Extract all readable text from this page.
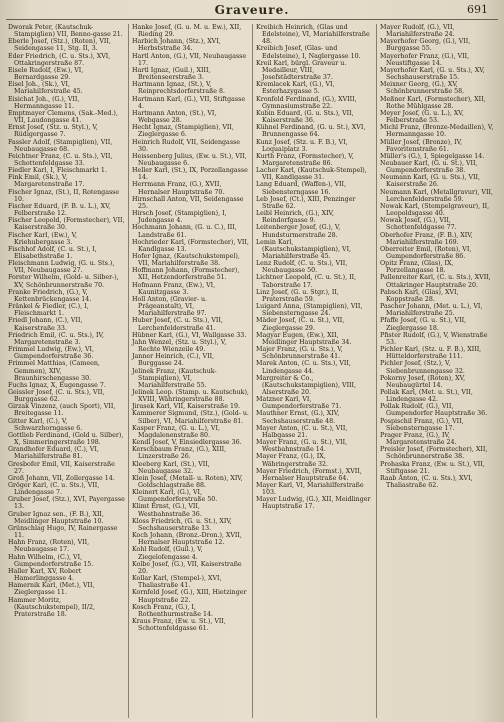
Graveure.	691

Dworak Peter, (Kautschuk-Stampiglien) VII, Benno-gasse 21.

Eberle Josef, (Stz.), (Roten), VII, Seidengasse 11, Stg. II, 3.

Eder Friedrich, (C. u. Sts.), XVI, Ottakringerstraße 87.

Eisele Rudolf, (Ew.), VI, Bernardgasse 29.

Eisel Joh., (Sk.), VI, Mariahilferstraße 45.

Eisichat Joh., (G.), VII, Hermanngasse 11.

Emptmayer Clemens, (Sak.-Med.), VII, Laudongasse 41.

Ernst Josef, (Stz. u. Styl.), V, Rüdigergasse 7.

Fassler Adolf, (Stampiglien), VII, Neubaugasse 68.

Feichtner Franz, (C. u. Sts.), VII, Schottenfeldgasse 33.

Fiedler Karl, I, Fleischmarkt 1.

Fink Emil, (Sk.), V, Margaretenstraße 17.

Fischer Ignaz, (St.), II, Rotengasse 10.

Fischer Eduard, (F. B. u. L.), XV, Felberstraße 12.

Fischer Leopold, (Formstecher), VII, Kaiserstraße 30.

Fischer Karl, (Ew.), V, Kriehubergasse 3.

Fischhof Adolf, (C. u. St.), I, Elisabethstraße 1.

Fleischmann Ludwig, (G. u. Sts.), VII, Neubaugasse 27.

Forster Wilhelm, (Gold- u. Silber-), XV, Schönbrunnerstraße 70.

Franke Friedrich, (G.), V, Kettenbrückengasse 14.

Fränkel & Fiedler, (C.), I, Fleischmarkt 1.

Friedl Johann, (C.), VII, Kaiserstraße 33.

Friedrich Emil, (C. u. Sts.), IV, Margaretenstraße 3.

Frimmel Ludwig, (Ew.), VI, Gumpendorferstraße 36.

Frimmel Matthias, (Cameen, Gemmen), XIV, Braunhirschengasse 30.

Fuchs Ignaz, X, Eugengasse 7.

Geissler Josef, (C. u. Sts.), VII, Burggasse 62.

Girzak Vinzenz, (auch Sport), VII, Breitegasse 11.

Gitter Karl, (C.), V, Schwarzhorngasse 6.

Gottlieb Ferdinand, (Gold u. Silber), X, Simmeringerstraße 198.

Grandhofer Eduard, (C.), VI, Mariahilferstraße 81.

Gresbofer Emil, VII, Kaiserstraße 27.

Groß Johann, VII, Zollergasse 14.

Gröger Karl, (C. u. Sts.), VII, Lindengasse 7.

Gruber Josef, (Stz.), XVI, Payergasse 13.

Gruber Ignaz sen., (F. B.), XII, Meidlinger Hauptstraße 10.

Grünschlag Hugo, IV, Rainergasse 11.

Hahn Franz, (Roten), VII, Neubaugasse 17.

Hahn Wilhelm, (C.), VI, Gumpendorferstraße 15.

Haller Karl, XV, Robert Hamerlinggasse 4.

Hamernik Karl, (Met.), VII, Zieglergasse 11.

Hammer Moritz, (Kautschukstempel), II/2, Praterstraße 18.

Hanke Josef, (G. u. M. u. Ew.), XII, Rieding 29.

Harbich Johann, (Stz.), XVI, Herbststraße 34.

Hartl Anton, (G.), VII, Neubaugasse 17.

Hartl Ignaz, (Guil.), XIII, Breitenseerstraße 3.

Hartmann Ignaz, (St.), V, Reinprechtsdorferstraße 8.

Hartmann Karl, (G.), VII, Stiftgasse 4.

Hartmann Anton, (St.), VI, Webgasse 28.

Hecht Ignaz, (Stampiglien), VII, Zieglergasse 6.

Heinrich Rudolf, VII, Seidengasse 30.

Heissenberg Julius, (Ew. u. St.), VII, Neubaugasse 6.

Heller Karl, (St.), IX, Porzellangasse 14.

Herrmann Franz, (G.), XVII, Hernalser Hauptstraße 70.

Hirnschall Anton, VII, Seidengasse 25.

Hirsch Josef, (Stampiglien), I, Judengasse 4.

Hochmann Johann, (G. u. C.), III, Landstraße 61.

Hochrieder Karl, (Formstecher), VII, Kandlgasse 13.

Hofer Ignaz, (Kautschukstempel), VII, Mariahilferstraße 38.

Hoffmann Johann, (Formstecher), XII, Hetzendorferstraße 51.

Hofmann Franz, (Ew.), VI, Kaunitzgasse 3.

Holl Anton, (Gravier- u. Prägeanstalt), VI, Mariahilferstraße 97.

Huber Josef, (C. u. Sts.), VII, Lerchenfelderstraße 41.

Hübner Karl, (G.), VI, Wallgasse 33.

Jahn Wenzel, (Stz. u. Styl.), V, Rechte Wienzeile 49.

Janner Heinrich, (C.), VII, Burggasse 24.

Jelinek Franz, (Kautschuk-Stampiglien), VI, Mariahilferstraße 55.

Jelinek Leop. (Stamp. u. Kautschuk), XVIII, Währingerstraße 88.

Jirasek Karl, VII, Kaiserstraße 19.

Kammerer Sigmund, (Stz.), (Gold- u. Silber), VI, Mariahilferstraße 81.

Kasper Franz, (G. u. L.), VI, Magdalenenstraße 80.

Kendl Josef, V, Einsiedlergasse 36.

Kerschbaum Franz, (G.), XIII, Linzerstraße 26.

Kleeberg Karl, (St.), VII, Neubaugasse 32.

Klein Josef, (Metall- u. Roten), XIV, Goldschlagstraße 88.

Kleinert Karl, (G.), VI, Gumpendorferstraße 50.

Klimt Ernst, (G.), VII, Westbahnstraße 36.

Kloss Friedrich, (G. u. St.), XIV, Sechshauserstraße 13.

Koch Johann, (Bronz.-Dron.), XVII, Hernalser Hauptstraße 12.

Kohl Rudolf, (Guil.), V, Ziegelofengasse 4.

Kolbe Josef, (G.), VII, Kaiserstraße 20.

Kollar Karl, (Stempel-), XVI, Thaliastraße 41.

Kornfeld Josef, (G.), XIII, Hietzinger Hauptstraße 22.

Kosch Franz, (G.), I, Rothenthurmstraße 14.

Kraus Franz, (Ew. u. St.), VII, Schottenfeldgasse 61.

Kreibich Heinrich, (Glas und Edelsteine), VI, Mariahilferstraße 48.

Kreibich Josef, (Glas- und Edelsteine), I, Naglergasse 10.

Kreil Karl, bürgl. Graveur u. Medailleur, VIII, Josefstädterstraße 37.

Kremlacek Karl, (G.), VI, Esterhazygasse 5.

Kronfeld Ferdinand, (G.), XVIII, Gymnasiumstraße 22.

Kubin Eduard, (G. u. Sts.), VII, Kaiserstraße 36.

Kühnel Ferdinand, (G. u. St.), XVI, Brunnengasse 64.

Kunz Josef, (Stz. u. F. B.), VI, Loquaiplatz 3.

Kurth Franz, (Formstecher), V, Margaretenstraße 86.

Lacher Karl, (Kautschuk-Stempel), VII, Kandlgasse 31.

Lang Eduard, (Waffen-), VII, Siebensterngasse 16.

Leb Josef, (Ct.), XIII, Penzinger Straße 62.

Leibl Heinrich, (G.), XIV, Reindorfgasse 9.

Leitenberger Josef, (G.), V, Hundsturmerstraße 28.

Lemin Karl, (Kautschukstampiglien), VI, Mariahilferstraße 45.

Lenz Rudolf, (C. u. Sts.), VII, Neubaugasse 50.

Lichtner Leopold, (C. u. St.), II, Taborstraße 17.

Linz Josef, (G. u. Stgr.), II, Praterstraße 59.

Luigard Anna, (Stampiglien), VII, Siebensterngasse 24.

Mäder Josef, (C. u. St.), VII, Zieglergasse 29.

Magyar Eugen, (Ew.), XII, Meidlinger Hauptstraße 34.

Majer Franz, (G. u. Sts.), V, Schönbrunnerstraße 41.

Marek Anton, (C. u. Sts.), VII, Lindengasse 44.

Margreiter & Co., (Kautschukstampiglien), VIII, Alserstraße 20.

Matzner Karl, VI, Gumpendorferstraße 71.

Mauthner Ernst, (G.), XIV, Sechshauserstraße 48.

Mayer Anton, (C. u. St.), VII, Halbgasse 21.

Mayer Franz, (G. u. St.), VII, Westbahnstraße 14.

Mayer Franz, (G.), IX, Währingerstraße 32.

Mayer Friedrich, (Formst.), XVII, Hernalser Hauptstraße 64.

Mayer Karl, VI, Mariahilferstraße 103.

Mayer Ludwig, (G.), XII, Meidlinger Hauptstraße 17.

Mayer Rudolf, (G.), VII, Mariahilferstraße 24.

Mayerhofer Georg, (G.), VII, Burggasse 55.

Mayerhofer Franz, (G.), VII, Neustiftgasse 14.

Mayerhofer Karl, (G. u. Sts.), XV, Sechshauserstraße 15.

Meixner Georg, (G.), XV, Schönbrunnerstraße 58.

Meßner Karl, (Formstecher), XII, Rothe Mühlgasse 28.

Meyer Josef, (G. u. L.), XV, Felberstraße 53.

Michl Franz, (Bronze-Medaillen), V, Hermanngasse 10.

Müller Josef, (Bronze), IV, Favoritenstraße 61.

Müller's (G.), I, Spiegelgasse 14.

Neubauer Karl, (G. u. St.), VII, Gumpendorferstraße 38.

Neumann Karl, (G. u. Sts.), VII, Kaiserstraße 26.

Neumann Karl, (Metallgravur), VII, Lerchenfelderstraße 59.

Nowak Karl, (Stempelgraveur), II, Leopoldsgasse 40.

Nowak Josef, (G.), VII, Schottenfeldgasse 77.

Oberhofer Franz, (F. B.), XIV, Mariahilferstraße 169.

Oberreiter Emil, (Roten), VI, Gumpendorferstraße 86.

Opitz Franz, (Glas), IX, Porzellangasse 18.

Pallenreiter Karl, (C. u. Sts.), XVII, Ottakringer Hauptstraße 20.

Pabsch Karl, (Glas), XVI, Koppstraße 28.

Pascher Johann, (Met. u. L.), VI, Mariahilferstraße 25.

Pfaffe Josef, (G. u. St.), VII, Zieglergasse 18.

Pfister Rudolf, (G.), V, Wienstraße 53.

Pichler Karl, (Stz. u. F. B.), XIII, Hütteldorferstraße 111.

Pichler Josef, (Stz.), V, Siebenbrunnengasse 32.

Pokorny Josef, (Roten), XV, Neubaugürtel 14.

Pollak Karl, (Met. u. St.), VII, Lindengasse 42.

Pollak Rudolf, (G.), VII, Gumpendorfer Hauptstraße 36.

Pospischil Franz, (G.), VII, Siebensterngasse 17.

Prager Franz, (G.), IV, Margaretenstraße 24.

Preisler Josef, (Formstecher), XII, Schönbrunnerstraße 38.

Prohaska Franz, (Ew. u. St.), VII, Stiftgasse 21.

Raab Anton, (C. u. Sts.), XVI, Thaliastraße 62.
